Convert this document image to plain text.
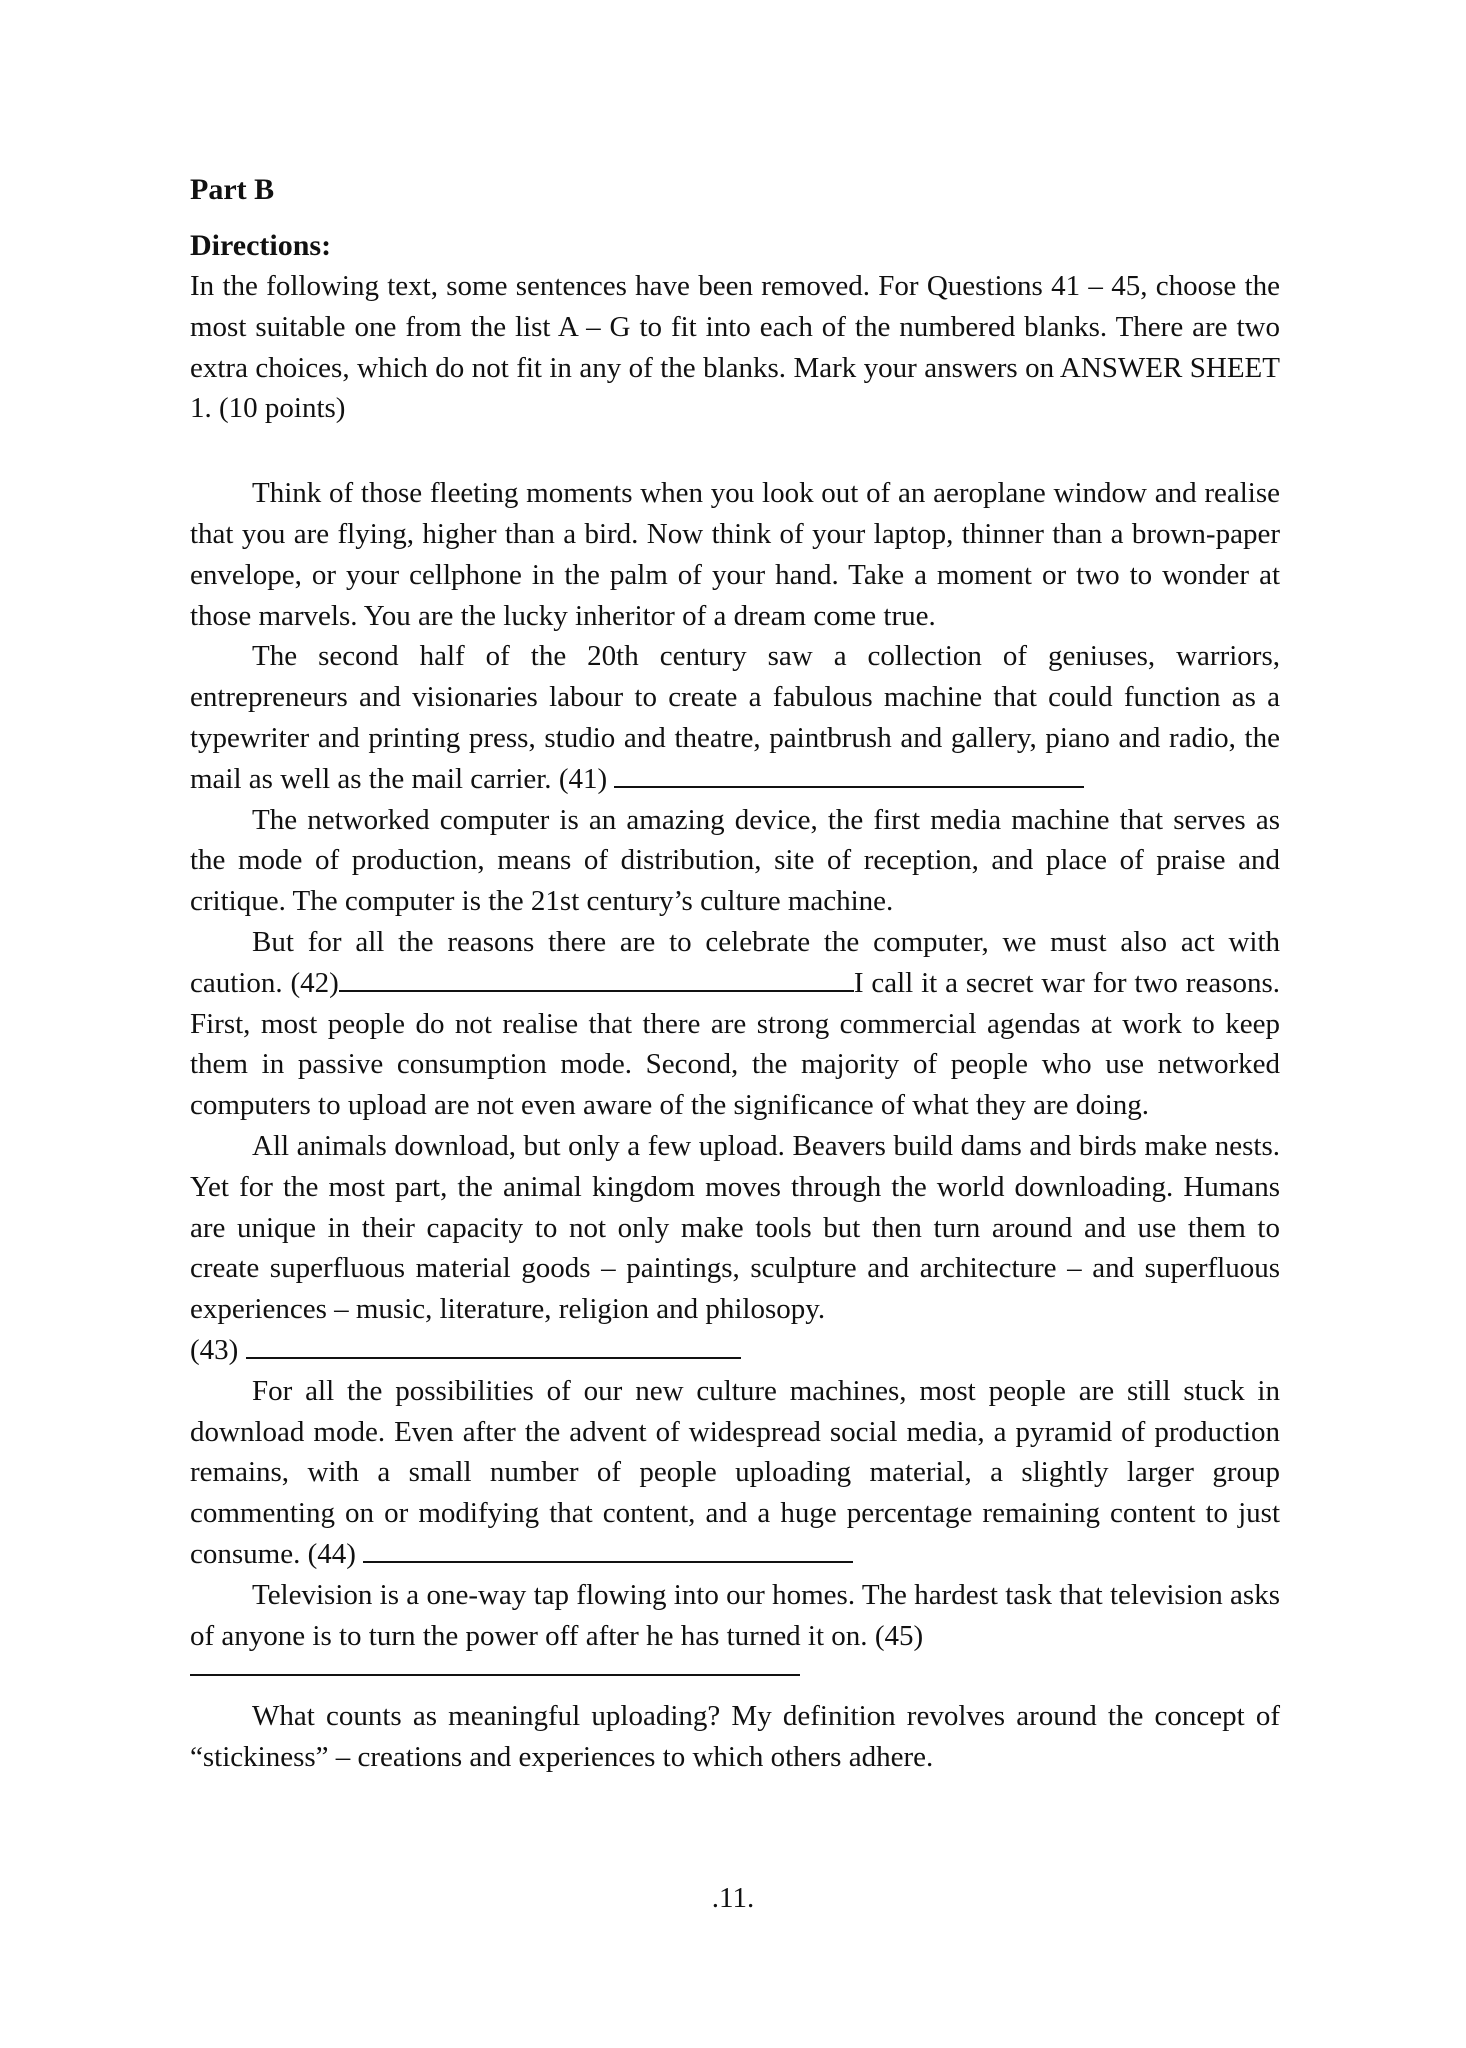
Part B
Directions:

In the following text, some sentences have been removed. For Questions 41 – 45, choose the most suitable one from the list A – G to fit into each of the numbered blanks. There are two extra choices, which do not fit in any of the blanks. Mark your answers on ANSWER SHEET 1. (10 points)

Think of those fleeting moments when you look out of an aeroplane window and realise that you are flying, higher than a bird. Now think of your laptop, thinner than a brown-paper envelope, or your cellphone in the palm of your hand. Take a moment or two to wonder at those marvels. You are the lucky inheritor of a dream come true.

The second half of the 20th century saw a collection of geniuses, warriors, entrepreneurs and visionaries labour to create a fabulous machine that could function as a typewriter and printing press, studio and theatre, paintbrush and gallery, piano and radio, the mail as well as the mail carrier. (41)

The networked computer is an amazing device, the first media machine that serves as the mode of production, means of distribution, site of reception, and place of praise and critique. The computer is the 21st century’s culture machine.

But for all the reasons there are to celebrate the computer, we must also act with caution. (42)	I call it a secret war for two reasons. First, most people do not realise that there are strong commercial agendas at work to keep them in passive consumption mode. Second, the majority of people who use networked computers to upload are not even aware of the significance of what they are doing.

All animals download, but only a few upload. Beavers build dams and birds make nests. Yet for the most part, the animal kingdom moves through the world downloading. Humans are unique in their capacity to not only make tools but then turn around and use them to create superfluous material goods – paintings, sculpture and architecture – and superfluous experiences – music, literature, religion and philosopy.

(43)

For all the possibilities of our new culture machines, most people are still stuck in download mode. Even after the advent of widespread social media, a pyramid of production remains, with a small number of people uploading material, a slightly larger group commenting on or modifying that content, and a huge percentage remaining content to just consume. (44)

Television is a one-way tap flowing into our homes. The hardest task that television asks of anyone is to turn the power off after he has turned it on. (45)

What counts as meaningful uploading? My definition revolves around the concept of “stickiness” – creations and experiences to which others adhere.

.11.
